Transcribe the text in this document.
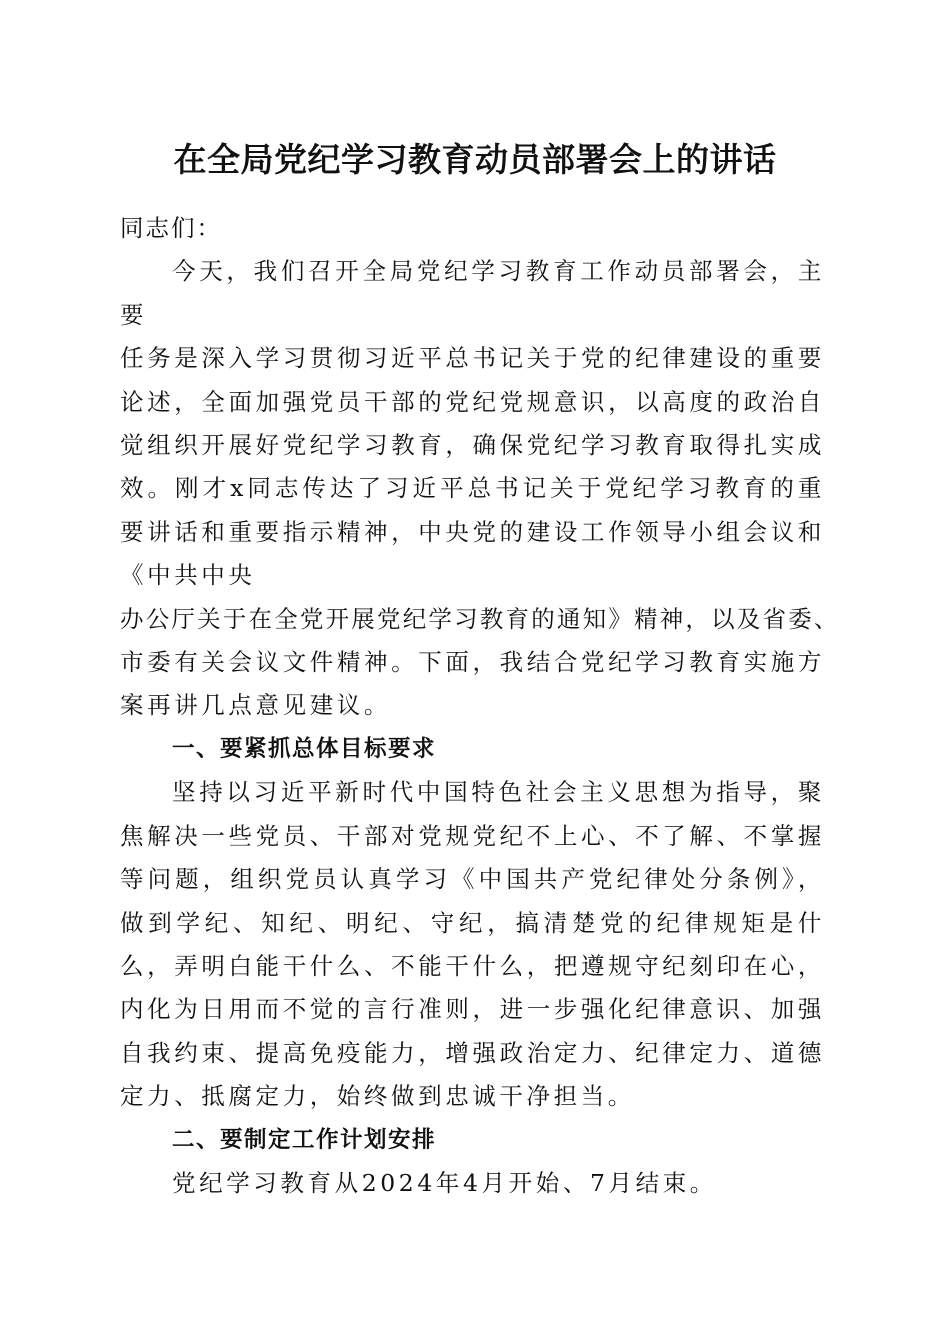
在全局党纪学习教育动员部署会上的讲话

同志们：

今天，我们召开全局党纪学习教育工作动员部署会，主要

任务是深入学习贯彻习近平总书记关于党的纪律建设的重要论述，全面加强党员干部的党纪党规意识，以高度的政治自觉组织开展好党纪学习教育，确保党纪学习教育取得扎实成效。刚才x同志传达了习近平总书记关于党纪学习教育的重要讲话和重要指示精神，中央党的建设工作领导小组会议和《中共中央

办公厅关于在全党开展党纪学习教育的通知》精神，以及省委、

市委有关会议文件精神。下面，我结合党纪学习教育实施方案再讲几点意见建议。

一、要紧抓总体目标要求

坚持以习近平新时代中国特色社会主义思想为指导，聚焦解决一些党员、干部对党规党纪不上心、不了解、不掌握等问题，组织党员认真学习《中国共产党纪律处分条例》，做到学纪、知纪、明纪、守纪，搞清楚党的纪律规矩是什么，弄明白能干什么、不能干什么，把遵规守纪刻印在心，内化为日用而不觉的言行准则，进一步强化纪律意识、加强自我约束、提高免疫能力，增强政治定力、纪律定力、道德定力、抵腐定力，始终做到忠诚干净担当。

二、要制定工作计划安排

党纪学习教育从2024年4月开始、7月结束。
